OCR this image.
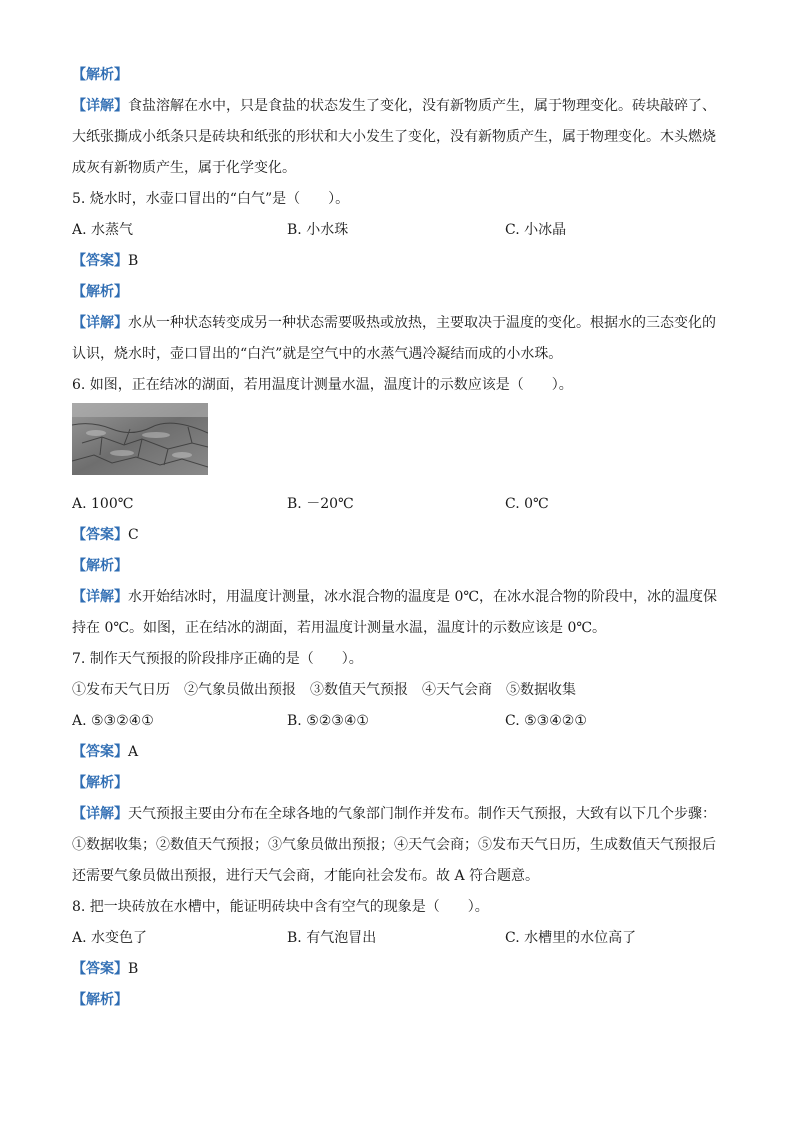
【解析】
【详解】食盐溶解在水中，只是食盐的状态发生了变化，没有新物质产生，属于物理变化。砖块敲碎了、
大纸张撕成小纸条只是砖块和纸张的形状和大小发生了变化，没有新物质产生，属于物理变化。木头燃烧
成灰有新物质产生，属于化学变化。
5. 烧水时，水壶口冒出的“白气”是（　　）。
A. 水蒸气	B. 小水珠	C. 小冰晶
【答案】B
【解析】
【详解】水从一种状态转变成另一种状态需要吸热或放热，主要取决于温度的变化。根据水的三态变化的
认识，烧水时，壶口冒出的“白汽”就是空气中的水蒸气遇冷凝结而成的小水珠。
6. 如图，正在结冰的湖面，若用温度计测量水温，温度计的示数应该是（　　）。
A. 100℃	B. －20℃	C. 0℃
【答案】C
【解析】
【详解】水开始结冰时，用温度计测量，冰水混合物的温度是 0℃，在冰水混合物的阶段中，冰的温度保
持在 0℃。如图，正在结冰的湖面，若用温度计测量水温，温度计的示数应该是 0℃。
7. 制作天气预报的阶段排序正确的是（　　）。
①发布天气日历　②气象员做出预报　③数值天气预报　④天气会商　⑤数据收集
A. ⑤③②④①	B. ⑤②③④①	C. ⑤③④②①
【答案】A
【解析】
【详解】天气预报主要由分布在全球各地的气象部门制作并发布。制作天气预报，大致有以下几个步骤：
①数据收集；②数值天气预报；③气象员做出预报；④天气会商；⑤发布天气日历，生成数值天气预报后
还需要气象员做出预报，进行天气会商，才能向社会发布。故 A 符合题意。
8. 把一块砖放在水槽中，能证明砖块中含有空气的现象是（　　）。
A. 水变色了	B. 有气泡冒出	C. 水槽里的水位高了
【答案】B
【解析】
